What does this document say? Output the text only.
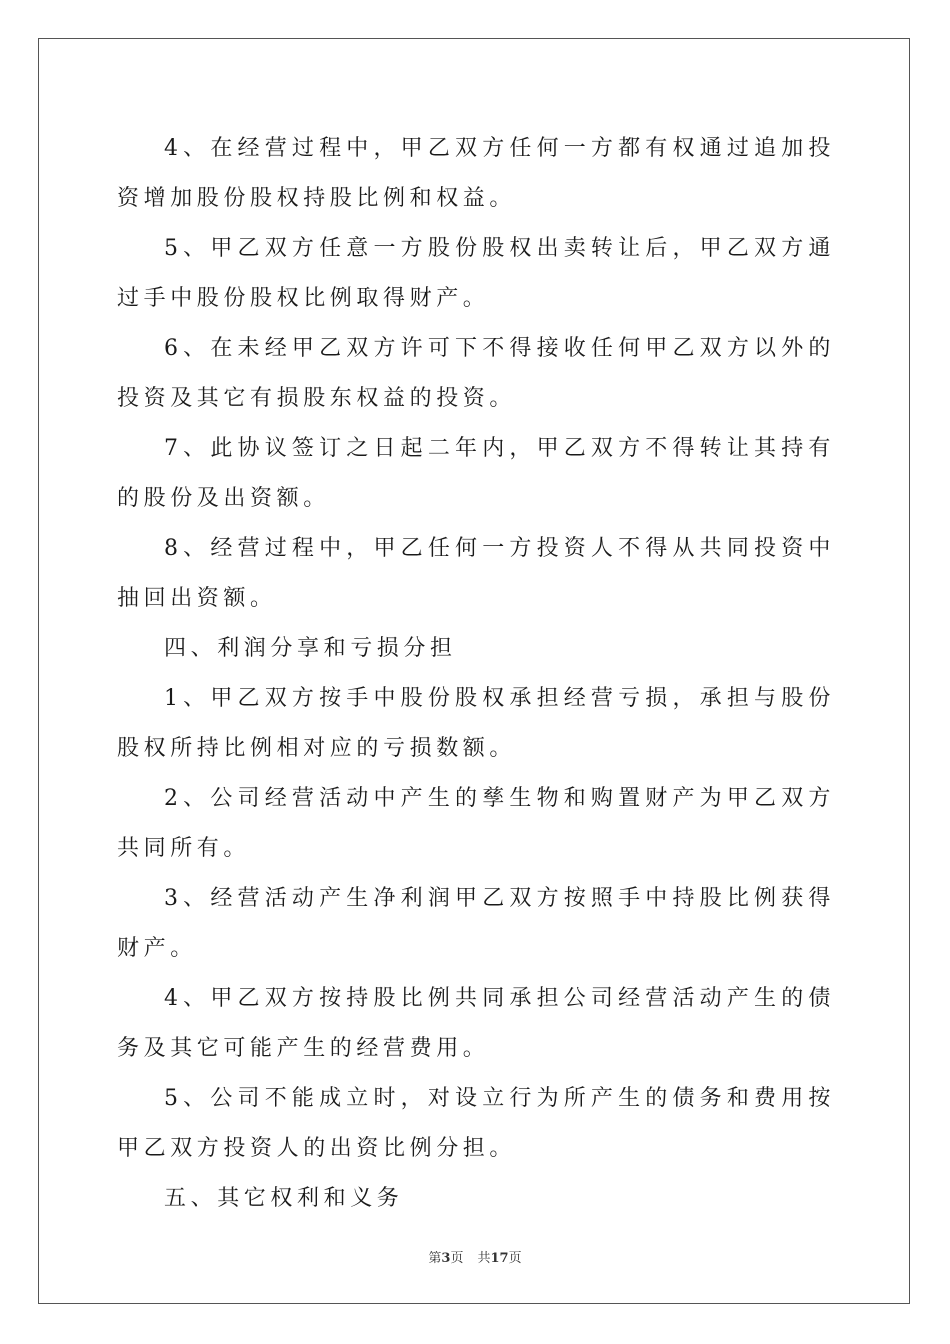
4、在经营过程中，甲乙双方任何一方都有权通过追加投资增加股份股权持股比例和权益。

5、甲乙双方任意一方股份股权出卖转让后，甲乙双方通过手中股份股权比例取得财产。

6、在未经甲乙双方许可下不得接收任何甲乙双方以外的投资及其它有损股东权益的投资。

7、此协议签订之日起二年内，甲乙双方不得转让其持有的股份及出资额。

8、经营过程中，甲乙任何一方投资人不得从共同投资中抽回出资额。

四、利润分享和亏损分担

1、甲乙双方按手中股份股权承担经营亏损，承担与股份股权所持比例相对应的亏损数额。

2、公司经营活动中产生的孳生物和购置财产为甲乙双方共同所有。

3、经营活动产生净利润甲乙双方按照手中持股比例获得财产。

4、甲乙双方按持股比例共同承担公司经营活动产生的债务及其它可能产生的经营费用。

5、公司不能成立时，对设立行为所产生的债务和费用按甲乙双方投资人的出资比例分担。

五、其它权利和义务

第3页 共17页
